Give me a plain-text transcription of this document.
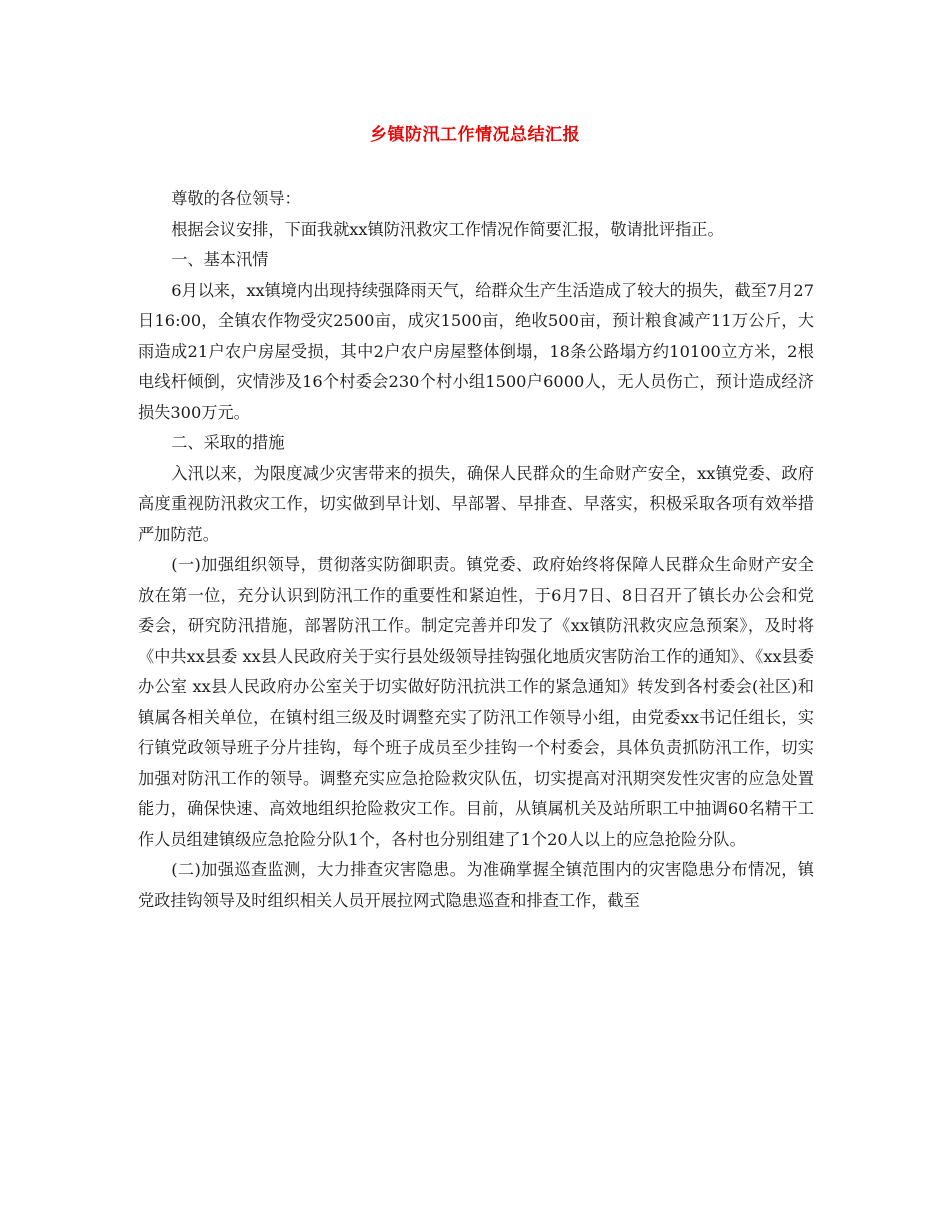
乡镇防汛工作情况总结汇报

尊敬的各位领导：

根据会议安排，下面我就xx镇防汛救灾工作情况作简要汇报，敬请批评指正。

一、基本汛情

6月以来，xx镇境内出现持续强降雨天气，给群众生产生活造成了较大的损失，截至7月27日16:00，全镇农作物受灾2500亩，成灾1500亩，绝收500亩，预计粮食减产11万公斤，大雨造成21户农户房屋受损，其中2户农户房屋整体倒塌，18条公路塌方约10100立方米，2根电线杆倾倒，灾情涉及16个村委会230个村小组1500户6000人，无人员伤亡，预计造成经济损失300万元。

二、采取的措施

入汛以来，为限度减少灾害带来的损失，确保人民群众的生命财产安全，xx镇党委、政府高度重视防汛救灾工作，切实做到早计划、早部署、早排查、早落实，积极采取各项有效举措严加防范。

(一)加强组织领导，贯彻落实防御职责。镇党委、政府始终将保障人民群众生命财产安全放在第一位，充分认识到防汛工作的重要性和紧迫性，于6月7日、8日召开了镇长办公会和党委会，研究防汛措施，部署防汛工作。制定完善并印发了《xx镇防汛救灾应急预案》，及时将《中共xx县委 xx县人民政府关于实行县处级领导挂钩强化地质灾害防治工作的通知》、《xx县委办公室 xx县人民政府办公室关于切实做好防汛抗洪工作的紧急通知》转发到各村委会(社区)和镇属各相关单位，在镇村组三级及时调整充实了防汛工作领导小组，由党委xx书记任组长，实行镇党政领导班子分片挂钩，每个班子成员至少挂钩一个村委会，具体负责抓防汛工作，切实加强对防汛工作的领导。调整充实应急抢险救灾队伍，切实提高对汛期突发性灾害的应急处置能力，确保快速、高效地组织抢险救灾工作。目前，从镇属机关及站所职工中抽调60名精干工作人员组建镇级应急抢险分队1个，各村也分别组建了1个20人以上的应急抢险分队。

(二)加强巡查监测，大力排查灾害隐患。为准确掌握全镇范围内的灾害隐患分布情况，镇党政挂钩领导及时组织相关人员开展拉网式隐患巡查和排查工作，截至
